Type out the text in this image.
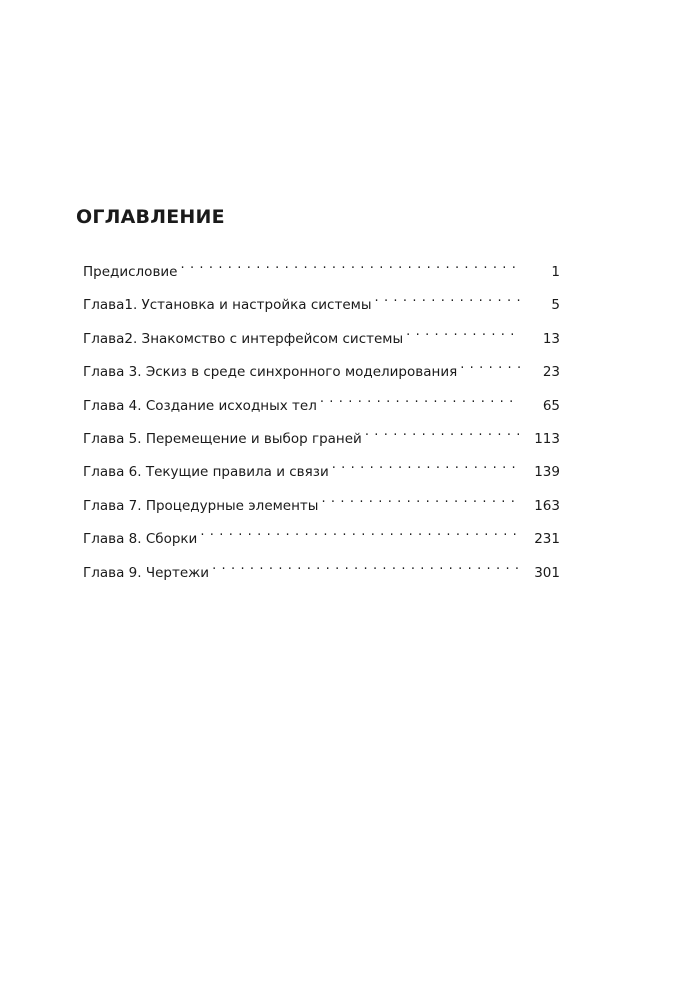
ОГЛАВЛЕНИЕ
Предисловие . . .	1
Глава1. Установка и настройка системы . . .	5
Глава2. Знакомство с интерфейсом системы . . .	13
Глава 3. Эскиз в среде синхронного моделирования . . .	23
Глава 4. Создание исходных тел . . .	65
Глава 5. Перемещение и выбор граней . . .	113
Глава 6. Текущие правила и связи . . .	139
Глава 7. Процедурные элементы . . .	163
Глава 8. Сборки . . .	231
Глава 9. Чертежи . . .	301
